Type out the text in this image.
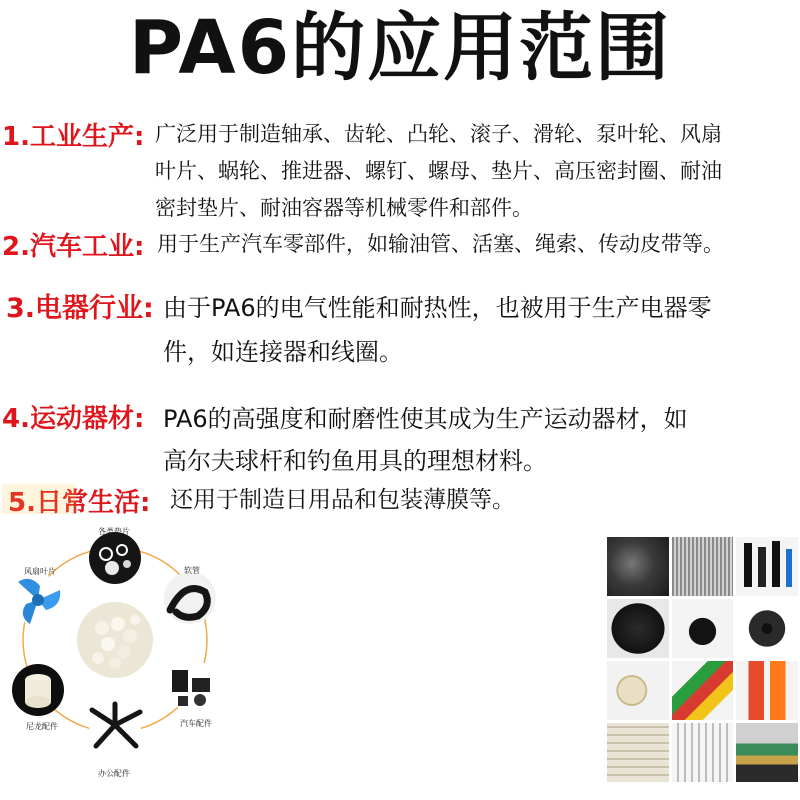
PA6的应用范围
1.工业生产: 广泛用于制造轴承、齿轮、凸轮、滚子、滑轮、泵叶轮、风扇
叶片、蜗轮、推进器、螺钉、螺母、垫片、高压密封圈、耐油
密封垫片、耐油容器等机械零件和部件。
2.汽车工业: 用于生产汽车零部件，如输油管、活塞、绳索、传动皮带等。
3.电器行业: 由于PA6的电气性能和耐热性，也被用于生产电器零
件，如连接器和线圈。
4.运动器材: PA6的高强度和耐磨性使其成为生产运动器材，如
高尔夫球杆和钓鱼用具的理想材料。
5.日常生活: 还用于制造日用品和包装薄膜等。
各类垫片
软管
风扇叶片
尼龙配件
办公配件
汽车配件
